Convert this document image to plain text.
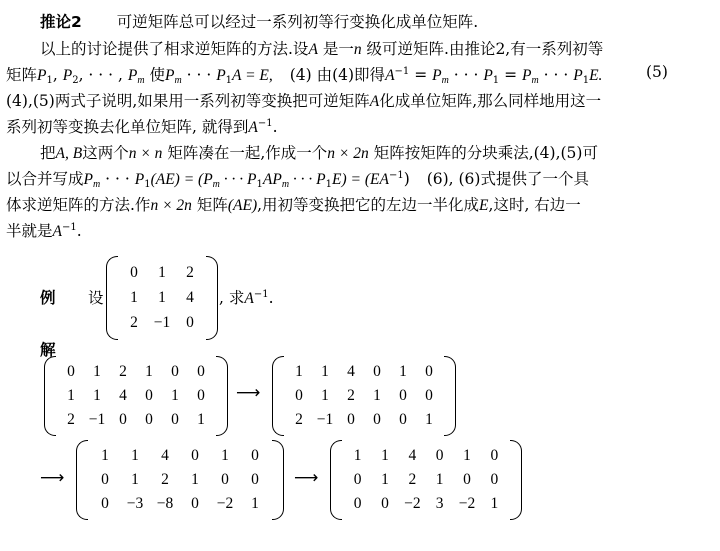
推论2 可逆矩阵总可以经过一系列初等行变换化成单位矩阵.
以上的讨论提供了相求逆矩阵的方法.设A 是一n 级可逆矩阵.由推论2,有一系列初等
矩阵$P_1$, $P_2$, · · · , $P_m$ 使$P_m$ · · · $P_1A = E$, (4) 由(4)即得$A^{-1} = P_m$ · · · $P_1 = P_m$ · · · $P_1E$.	(5)
(4),(5)两式子说明,如果用一系列初等变换把可逆矩阵A化成单位矩阵,那么同样地用这一
系列初等变换去化单位矩阵, 就得到$A^{-1}$.
把A, B这两个n × n 矩阵凑在一起,作成一个n × 2n 矩阵按矩阵的分块乘法,(4),(5)可
以合并写成$P_m$ · · · $P_1(AE) = (P_m$ · · · $P_1AP_m$ · · · $P_1E) = (EA^{-1})$ (6), (6)式提供了一个具
体求逆矩阵的方法.作n × 2n 矩阵(AE),用初等变换把它的左边一半化成E,这时, 右边一
半就是$A^{-1}$.
例 设
0	1	2
1	1	4
2	−1	0
, 求$A^{-1}$.
解
0	1	2	1	0	0
1	1	4	0	1	0
2 −1 0	0	0	1
⟶
1	1	4	0	1	0
0	1	2	1	0	0
2 −1 0	0	0	1
⟶
1	1	4	0	1	0
0	1	2	1	0	0
0	−3 −8	0	−2	1
⟶
1	1	4	0	1	0
0	1	2	1	0	0
0	0 −2 3 −2 1
